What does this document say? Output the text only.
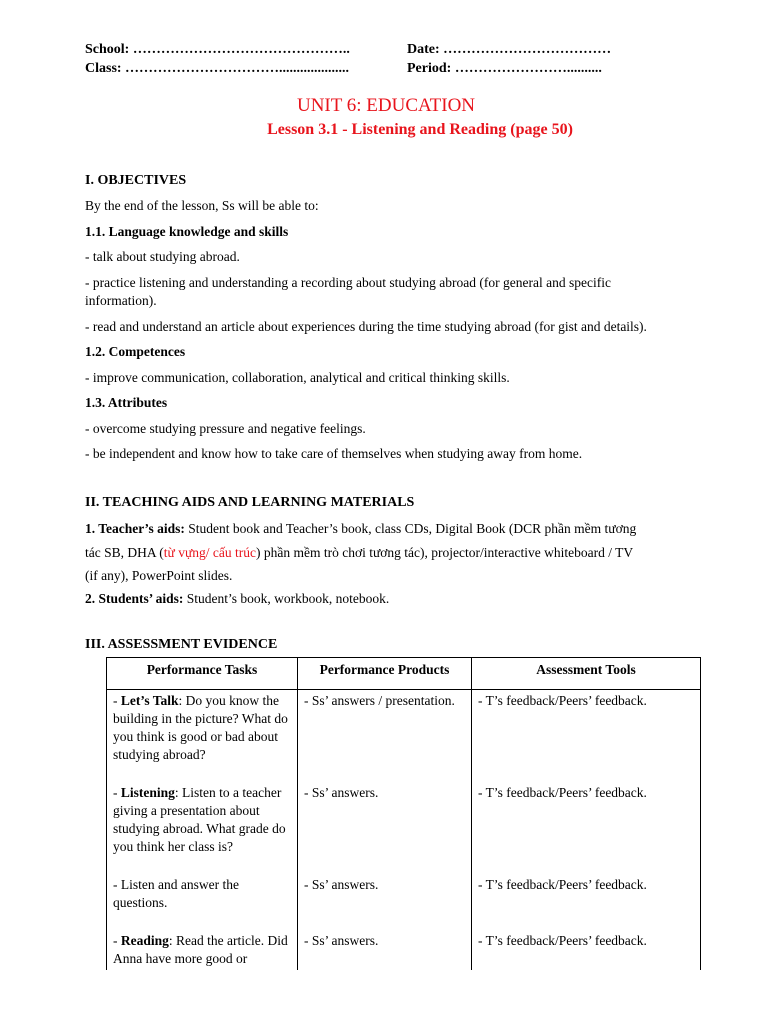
School: ………………………………………..	Date: ………………………………
Class: ……………………………....................	Period: ……………………..........
UNIT 6: EDUCATION
Lesson 3.1 - Listening and Reading (page 50)
I. OBJECTIVES
By the end of the lesson, Ss will be able to:
1.1. Language knowledge and skills
- talk about studying abroad.
- practice listening and understanding a recording about studying abroad (for general and specific
information).
- read and understand an article about experiences during the time studying abroad (for gist and details).
1.2. Competences
- improve communication, collaboration, analytical and critical thinking skills.
1.3. Attributes
- overcome studying pressure and negative feelings.
- be independent and know how to take care of themselves when studying away from home.
II. TEACHING AIDS AND LEARNING MATERIALS
1. Teacher’s aids: Student book and Teacher’s book, class CDs, Digital Book (DCR phần mềm tương
tác SB, DHA (từ vựng/ cấu trúc) phần mềm trò chơi tương tác), projector/interactive whiteboard / TV
(if any), PowerPoint slides.
2. Students’ aids: Student’s book, workbook, notebook.
III. ASSESSMENT EVIDENCE
Performance Tasks	Performance Products	Assessment Tools

- Let’s Talk: Do you know the building in the picture? What do you think is good or bad about studying abroad?	- Ss’ answers / presentation.	- T’s feedback/Peers’ feedback.

- Listening: Listen to a teacher giving a presentation about studying abroad. What grade do you think her class is?	- Ss’ answers.	- T’s feedback/Peers’ feedback.

- Listen and answer the questions.	- Ss’ answers.	- T’s feedback/Peers’ feedback.

- Reading: Read the article. Did Anna have more good or	- Ss’ answers.	- T’s feedback/Peers’ feedback.
